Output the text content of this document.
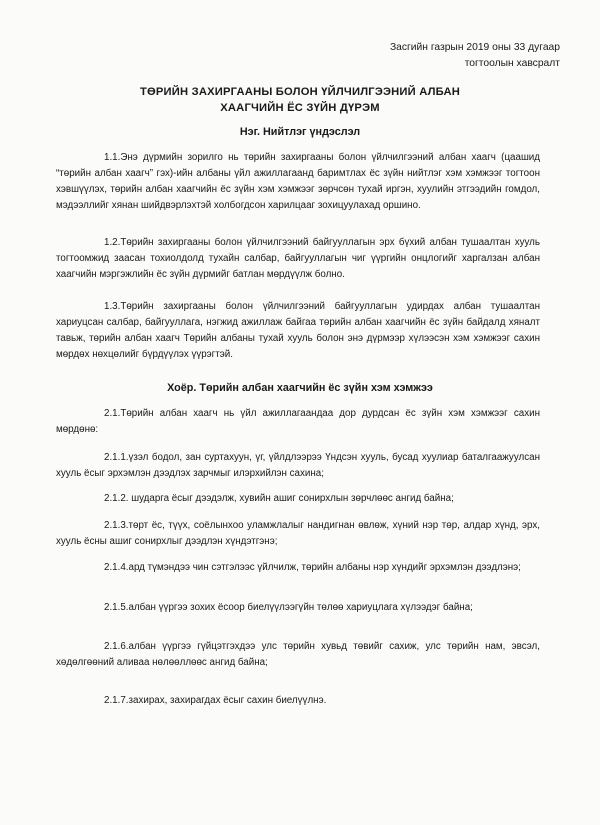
Засгийн газрын 2019 оны 33 дугаар
тогтоолын хавсралт
ТӨРИЙН ЗАХИРГААНЫ БОЛОН ҮЙЛЧИЛГЭЭНИЙ АЛБАН
ХААГЧИЙН ЁС ЗҮЙН ДҮРЭМ
Нэг. Нийтлэг үндэслэл

1.1.Энэ дүрмийн зорилго нь төрийн захиргааны болон үйлчилгээний албан хаагч (цаашид “төрийн албан хаагч” гэх)-ийн албаны үйл ажиллагаанд баримтлах ёс зүйн нийтлэг хэм хэмжээг тогтоон хэвшүүлэх, төрийн албан хаагчийн ёс зүйн хэм хэмжээг зөрчсөн тухай иргэн, хуулийн этгээдийн гомдол, мэдээллийг хянан шийдвэрлэхтэй холбогдсон харилцааг зохицуулахад оршино.

1.2.Төрийн захиргааны болон үйлчилгээний байгууллагын эрх бүхий албан тушаалтан хууль тогтоомжид заасан тохиолдолд тухайн салбар, байгууллагын чиг үүргийн онцлогийг харгалзан албан хаагчийн мэргэжлийн ёс зүйн дүрмийг батлан мөрдүүлж болно.

1.3.Төрийн захиргааны болон үйлчилгээний байгууллагын удирдах албан тушаалтан хариуцсан салбар, байгууллага, нэгжид ажиллаж байгаа төрийн албан хаагчийн ёс зүйн байдалд хяналт тавьж, төрийн албан хаагч Төрийн албаны тухай хууль болон энэ дүрмээр хүлээсэн хэм хэмжээг сахин мөрдөх нөхцөлийг бүрдүүлэх үүрэгтэй.

Хоёр. Төрийн албан хаагчийн ёс зүйн хэм хэмжээ

2.1.Төрийн албан хаагч нь үйл ажиллагаандаа дор дурдсан ёс зүйн хэм хэмжээг сахин мөрдөнө:

2.1.1.үзэл бодол, зан суртахуун, үг, үйлдлээрээ Үндсэн хууль, бусад хуулиар баталгаажуулсан хууль ёсыг эрхэмлэн дээдлэх зарчмыг илэрхийлэн сахина;

2.1.2. шударга ёсыг дээдэлж, хувийн ашиг сонирхлын зөрчлөөс ангид байна;

2.1.3.төрт ёс, түүх, соёлынхоо уламжлалыг нандигнан өвлөж, хүний нэр төр, алдар хүнд, эрх, хууль ёсны ашиг сонирхлыг дээдлэн хүндэтгэнэ;

2.1.4.ард түмэндээ чин сэтгэлээс үйлчилж, төрийн албаны нэр хүндийг эрхэмлэн дээдлэнэ;

2.1.5.албан үүргээ зохих ёсоор биелүүлээгүйн төлөө хариуцлага хүлээдэг байна;

2.1.6.албан үүргээ гүйцэтгэхдээ улс төрийн хувьд төвийг сахиж, улс төрийн нам, эвсэл, хөдөлгөөний аливаа нөлөөллөөс ангид байна;

2.1.7.захирах, захирагдах ёсыг сахин биелүүлнэ.
